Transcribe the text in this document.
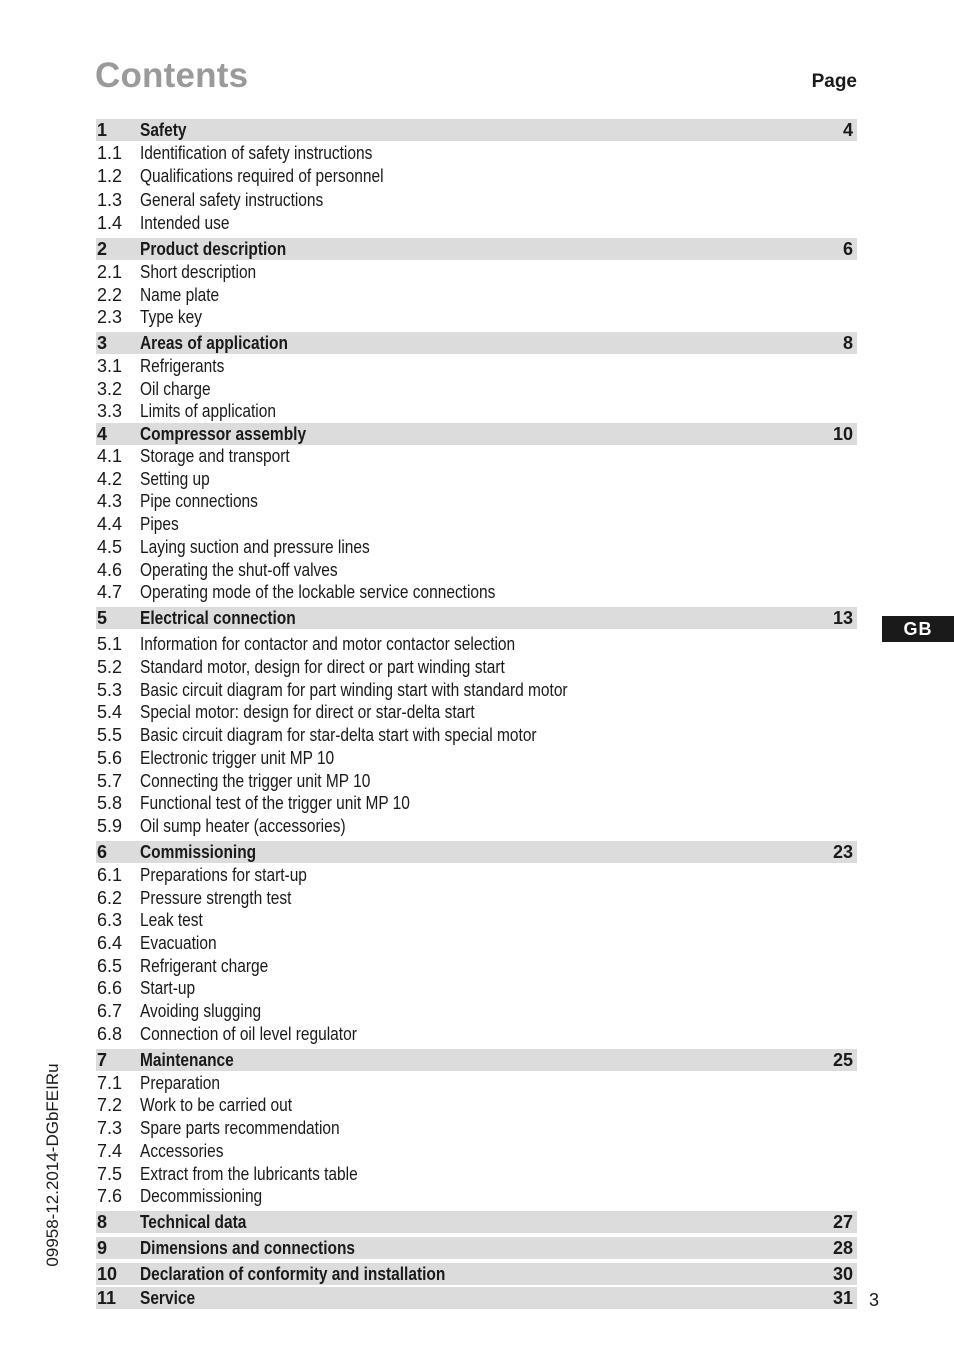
Contents	Page
1	Safety	4
1.1 Identification of safety instructions
1.2 Qualifications required of personnel
1.3 General safety instructions
1.4 Intended use
2	Product description	6
2.1 Short description
2.2 Name plate
2.3 Type key
3	Areas of application	8
3.1 Refrigerants
3.2 Oil charge
3.3 Limits of application
4	Compressor assembly	10
4.1 Storage and transport
4.2 Setting up
4.3 Pipe connections
4.4 Pipes
4.5 Laying suction and pressure lines
4.6 Operating the shut-off valves
4.7 Operating mode of the lockable service connections
5	Electrical connection	13
5.1 Information for contactor and motor contactor selection
5.2 Standard motor, design for direct or part winding start
5.3 Basic circuit diagram for part winding start with standard motor
5.4 Special motor: design for direct or star-delta start
5.5 Basic circuit diagram for star-delta start with special motor
5.6 Electronic trigger unit MP 10
5.7 Connecting the trigger unit MP 10
5.8 Functional test of the trigger unit MP 10
5.9 Oil sump heater (accessories)
6	Commissioning	23
6.1 Preparations for start-up
6.2 Pressure strength test
6.3 Leak test
6.4 Evacuation
6.5 Refrigerant charge
6.6 Start-up
6.7 Avoiding slugging
6.8 Connection of oil level regulator
7	Maintenance	25
7.1 Preparation
7.2 Work to be carried out
7.3 Spare parts recommendation
7.4 Accessories
7.5 Extract from the lubricants table
7.6 Decommissioning
8	Technical data	27
9	Dimensions and connections	28
10	Declaration of conformity and installation	30
11	Service	31
GB
09958-12.2014-DGbFEIRu
3
